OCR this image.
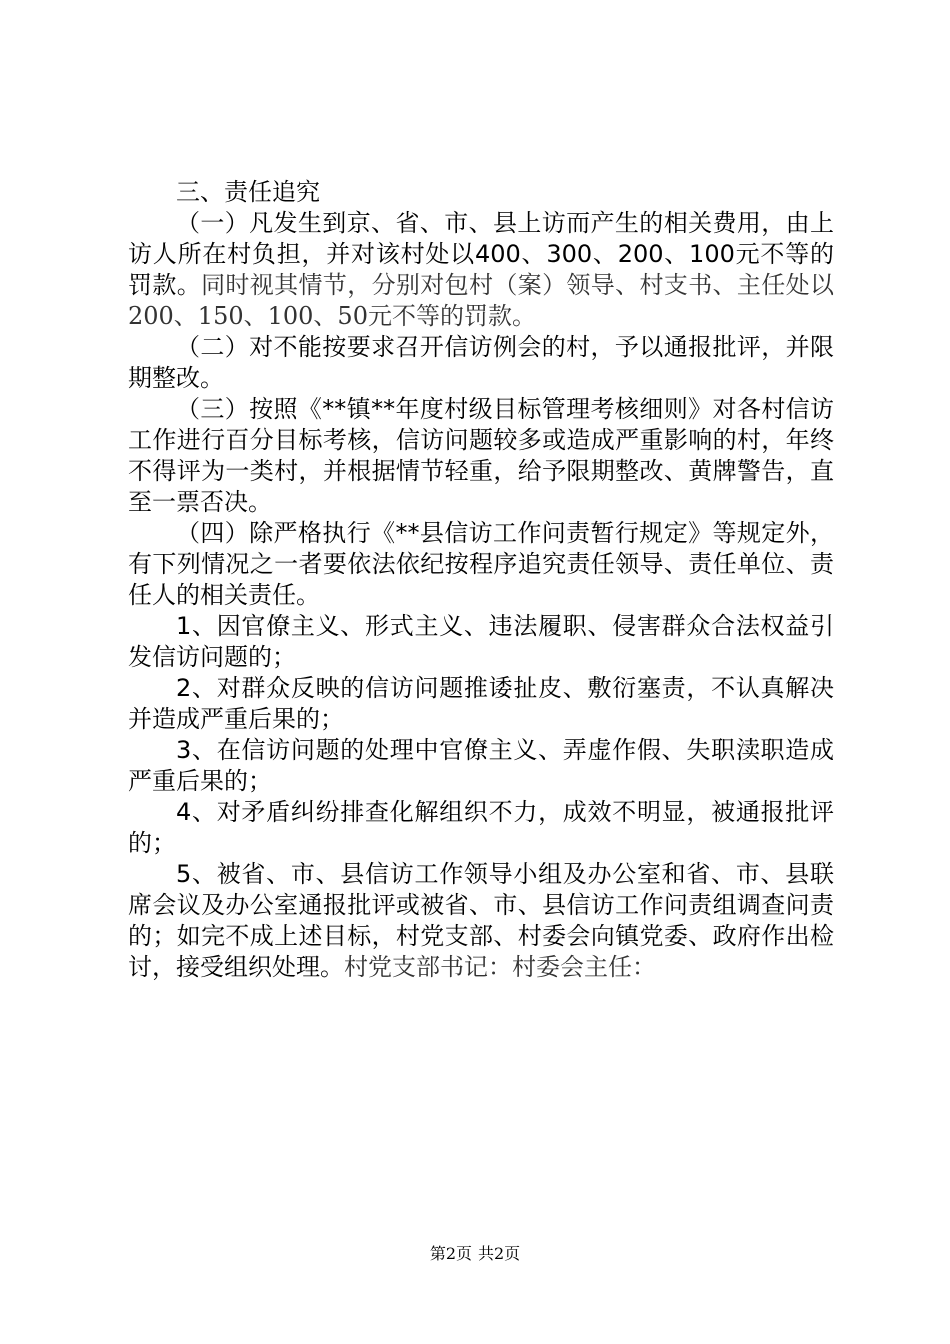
三、责任追究

（一）凡发生到京、省、市、县上访而产生的相关费用，由上访人所在村负担，并对该村处以400、300、200、100元不等的罚款。同时视其情节，分别对包村（案）领导、村支书、主任处以200、150、100、50元不等的罚款。

（二）对不能按要求召开信访例会的村，予以通报批评，并限期整改。

（三）按照《**镇**年度村级目标管理考核细则》对各村信访工作进行百分目标考核，信访问题较多或造成严重影响的村，年终不得评为一类村，并根据情节轻重，给予限期整改、黄牌警告，直至一票否决。

（四）除严格执行《**县信访工作问责暂行规定》等规定外，有下列情况之一者要依法依纪按程序追究责任领导、责任单位、责任人的相关责任。

1、因官僚主义、形式主义、违法履职、侵害群众合法权益引发信访问题的；

2、对群众反映的信访问题推诿扯皮、敷衍塞责，不认真解决并造成严重后果的；

3、在信访问题的处理中官僚主义、弄虚作假、失职渎职造成严重后果的；

4、对矛盾纠纷排查化解组织不力，成效不明显，被通报批评的；

5、被省、市、县信访工作领导小组及办公室和省、市、县联席会议及办公室通报批评或被省、市、县信访工作问责组调查问责的；如完不成上述目标，村党支部、村委会向镇党委、政府作出检讨，接受组织处理。村党支部书记：村委会主任：

第2页 共2页
